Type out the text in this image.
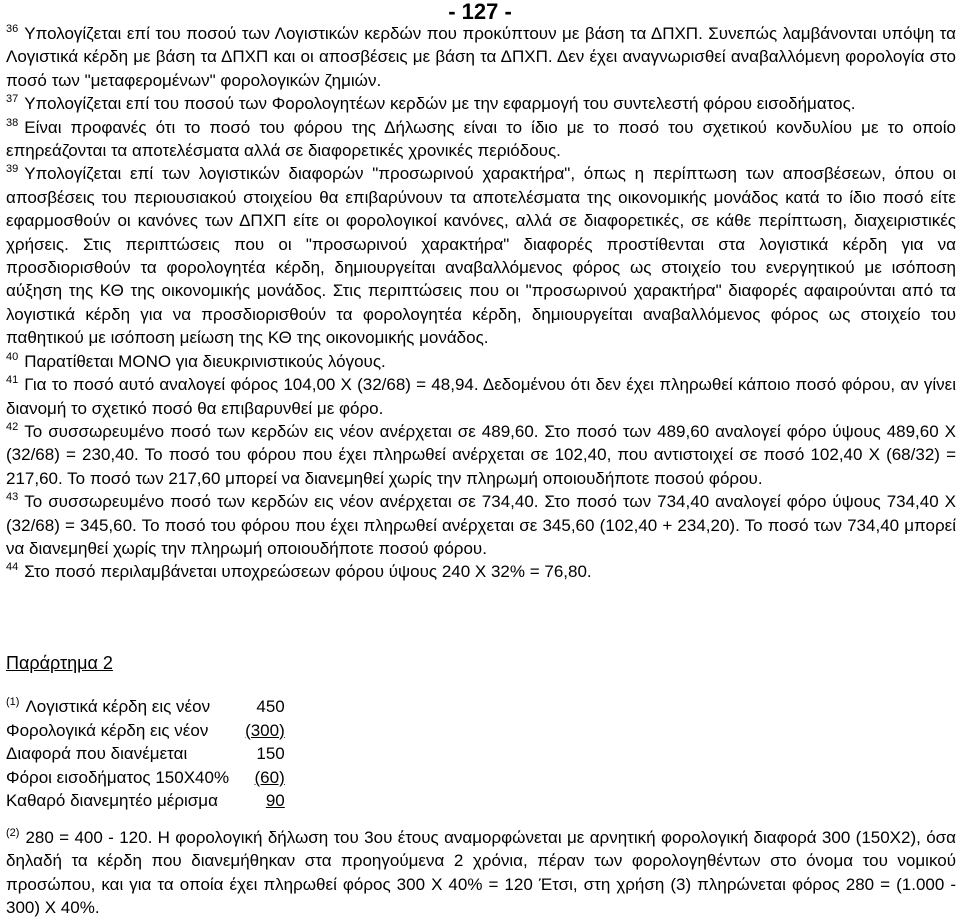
- 127 -

$^{36}$ Υπολογίζεται επί του ποσού των Λογιστικών κερδών που προκύπτουν με βάση τα ΔΠΧΠ. Συνεπώς λαμβάνονται υπόψη τα Λογιστικά κέρδη με βάση τα ΔΠΧΠ και οι αποσβέσεις με βάση τα ΔΠΧΠ. Δεν έχει αναγνωρισθεί αναβαλλόμενη φορολογία στο ποσό των "μεταφερομένων" φορολογικών ζημιών.

$^{37}$ Υπολογίζεται επί του ποσού των Φορολογητέων κερδών με την εφαρμογή του συντελεστή φόρου εισοδήματος.

$^{38}$ Είναι προφανές ότι το ποσό του φόρου της Δήλωσης είναι το ίδιο με το ποσό του σχετικού κονδυλίου με το οποίο επηρεάζονται τα αποτελέσματα αλλά σε διαφορετικές χρονικές περιόδους.

$^{39}$ Υπολογίζεται επί των λογιστικών διαφορών "προσωρινού χαρακτήρα", όπως η περίπτωση των αποσβέσεων, όπου οι αποσβέσεις του περιουσιακού στοιχείου θα επιβαρύνουν τα αποτελέσματα της οικονομικής μονάδος κατά το ίδιο ποσό είτε εφαρμοσθούν οι κανόνες των ΔΠΧΠ είτε οι φορολογικοί κανόνες, αλλά σε διαφορετικές, σε κάθε περίπτωση, διαχειριστικές χρήσεις. Στις περιπτώσεις που οι "προσωρινού χαρακτήρα" διαφορές προστίθενται στα λογιστικά κέρδη για να προσδιορισθούν τα φορολογητέα κέρδη, δημιουργείται αναβαλλόμενος φόρος ως στοιχείο του ενεργητικού με ισόποση αύξηση της ΚΘ της οικονομικής μονάδος. Στις περιπτώσεις που οι "προσωρινού χαρακτήρα" διαφορές αφαιρούνται από τα λογιστικά κέρδη για να προσδιορισθούν τα φορολογητέα κέρδη, δημιουργείται αναβαλλόμενος φόρος ως στοιχείο του παθητικού με ισόποση μείωση της ΚΘ της οικονομικής μονάδος.

$^{40}$ Παρατίθεται ΜΟΝΟ για διευκρινιστικούς λόγους.

$^{41}$ Για το ποσό αυτό αναλογεί φόρος 104,00 Χ (32/68) = 48,94. Δεδομένου ότι δεν έχει πληρωθεί κάποιο ποσό φόρου, αν γίνει διανομή το σχετικό ποσό θα επιβαρυνθεί με φόρο.

$^{42}$ Το συσσωρευμένο ποσό των κερδών εις νέον ανέρχεται σε 489,60. Στο ποσό των 489,60 αναλογεί φόρο ύψους 489,60 Χ (32/68) = 230,40. Το ποσό του φόρου που έχει πληρωθεί ανέρχεται σε 102,40, που αντιστοιχεί σε ποσό 102,40 Χ (68/32) = 217,60. Το ποσό των 217,60 μπορεί να διανεμηθεί χωρίς την πληρωμή οποιουδήποτε ποσού φόρου.

$^{43}$ Το συσσωρευμένο ποσό των κερδών εις νέον ανέρχεται σε 734,40. Στο ποσό των 734,40 αναλογεί φόρο ύψους 734,40 Χ (32/68) = 345,60. Το ποσό του φόρου που έχει πληρωθεί ανέρχεται σε 345,60 (102,40 + 234,20). Το ποσό των 734,40 μπορεί να διανεμηθεί χωρίς την πληρωμή οποιουδήποτε ποσού φόρου.

$^{44}$ Στο ποσό περιλαμβάνεται υποχρεώσεων φόρου ύψους 240 Χ 32% = 76,80.

Παράρτημα 2
$^{(1)}$ Λογιστικά κέρδη εις νέον	450
Φορολογικά κέρδη εις νέον	(300)
Διαφορά που διανέμεται	150
Φόροι εισοδήματος 150Χ40%	(60)
Καθαρό διανεμητέο μέρισμα	90

$^{(2)}$ 280 = 400 - 120. Η φορολογική δήλωση του 3ου έτους αναμορφώνεται με αρνητική φορολογική διαφορά 300 (150Χ2), όσα δηλαδή τα κέρδη που διανεμήθηκαν στα προηγούμενα 2 χρόνια, πέραν των φορολογηθέντων στο όνομα του νομικού προσώπου, και για τα οποία έχει πληρωθεί φόρος 300 Χ 40% = 120 Έτσι, στη χρήση (3) πληρώνεται φόρος 280 = (1.000 - 300) Χ 40%.
